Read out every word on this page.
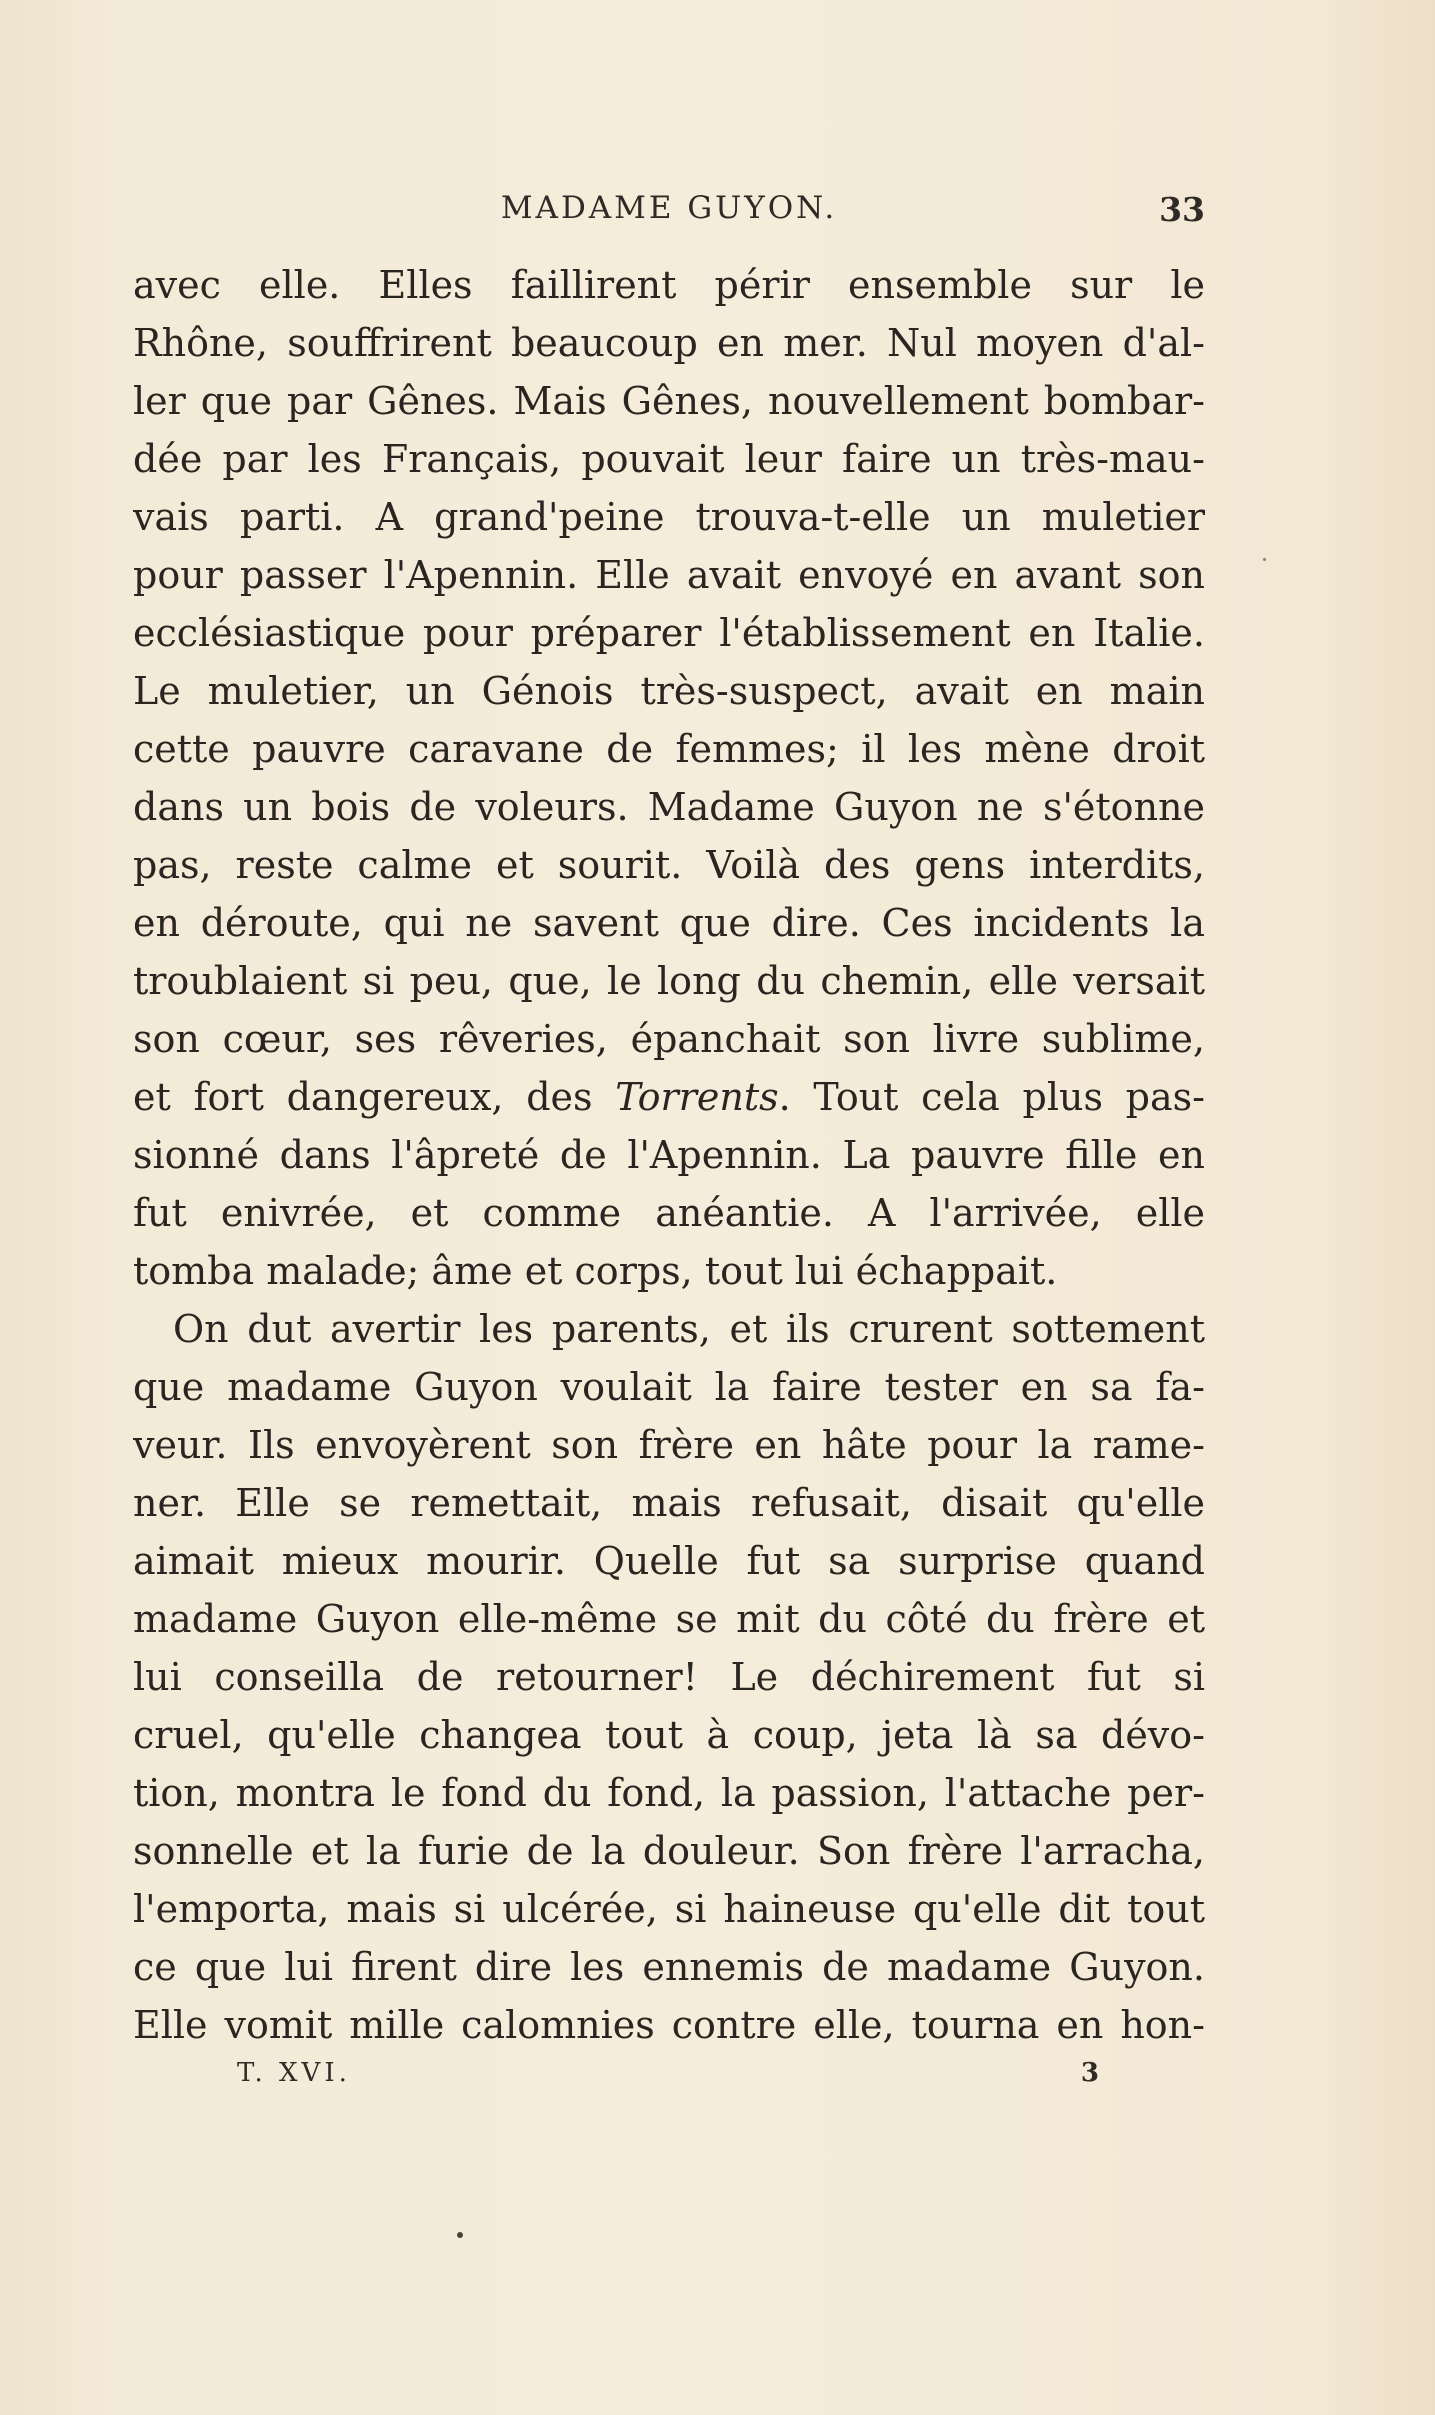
MADAME GUYON.	33
avec elle. Elles faillirent périr ensemble sur le
Rhône, souffrirent beaucoup en mer. Nul moyen d'al-
ler que par Gênes. Mais Gênes, nouvellement bombar-
dée par les Français, pouvait leur faire un très-mau-
vais parti. A grand'peine trouva-t-elle un muletier
pour passer l'Apennin. Elle avait envoyé en avant son
ecclésiastique pour préparer l'établissement en Italie.
Le muletier, un Génois très-suspect, avait en main
cette pauvre caravane de femmes; il les mène droit
dans un bois de voleurs. Madame Guyon ne s'étonne
pas, reste calme et sourit. Voilà des gens interdits,
en déroute, qui ne savent que dire. Ces incidents la
troublaient si peu, que, le long du chemin, elle versait
son cœur, ses rêveries, épanchait son livre sublime,
et fort dangereux, des Torrents. Tout cela plus pas-
sionné dans l'âpreté de l'Apennin. La pauvre fille en
fut enivrée, et comme anéantie. A l'arrivée, elle
tomba malade; âme et corps, tout lui échappait.
On dut avertir les parents, et ils crurent sottement
que madame Guyon voulait la faire tester en sa fa-
veur. Ils envoyèrent son frère en hâte pour la rame-
ner. Elle se remettait, mais refusait, disait qu'elle
aimait mieux mourir. Quelle fut sa surprise quand
madame Guyon elle-même se mit du côté du frère et
lui conseilla de retourner! Le déchirement fut si
cruel, qu'elle changea tout à coup, jeta là sa dévo-
tion, montra le fond du fond, la passion, l'attache per-
sonnelle et la furie de la douleur. Son frère l'arracha,
l'emporta, mais si ulcérée, si haineuse qu'elle dit tout
ce que lui firent dire les ennemis de madame Guyon.
Elle vomit mille calomnies contre elle, tourna en hon-
T. XVI.	3
